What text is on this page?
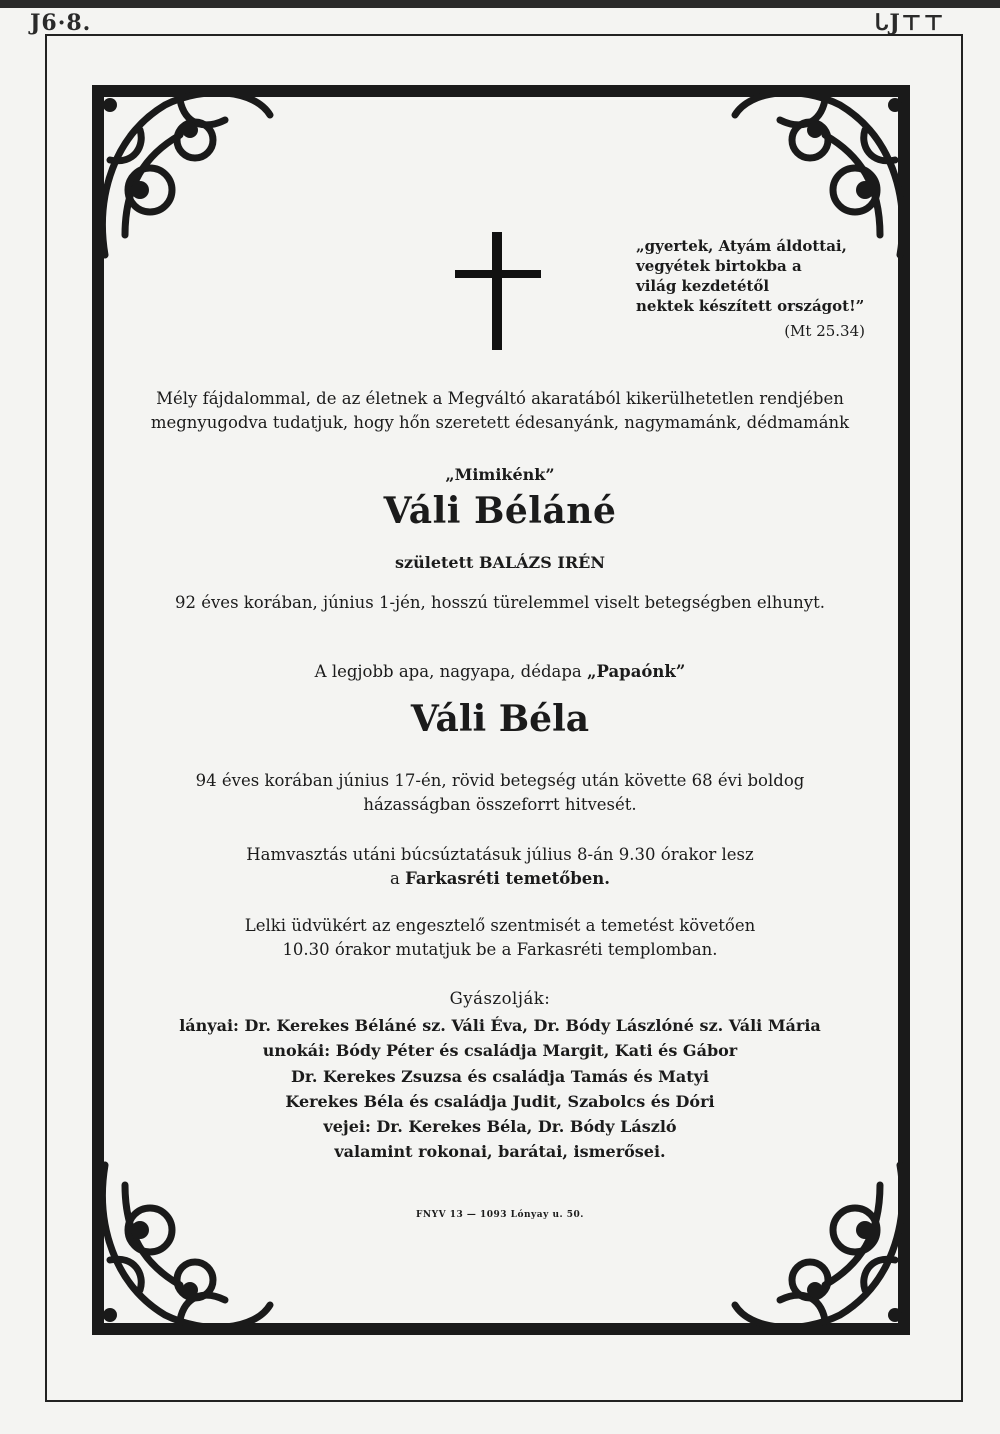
J6·8.	ᒐJ⊤⊤
„gyertek, Atyám áldottai,
vegyétek birtokba a
világ kezdetétől
nektek készített országot!”
(Mt 25.34)
Mély fájdalommal, de az életnek a Megváltó akaratából kikerülhetetlen rendjében
megnyugodva tudatjuk, hogy hőn szeretett édesanyánk, nagymamánk, dédmamánk
„Mimikénk”
Váli Béláné
született BALÁZS IRÉN
92 éves korában, június 1-jén, hosszú türelemmel viselt betegségben elhunyt.
A legjobb apa, nagyapa, dédapa „Papaónk”
Váli Béla
94 éves korában június 17-én, rövid betegség után követte 68 évi boldog
házasságban összeforrt hitvesét.
Hamvasztás utáni búcsúztatásuk július 8-án 9.30 órakor lesz
a Farkasréti temetőben.
Lelki üdvükért az engesztelő szentmisét a temetést követően
10.30 órakor mutatjuk be a Farkasréti templomban.
Gyászolják:
lányai: Dr. Kerekes Béláné sz. Váli Éva, Dr. Bódy Lászlóné sz. Váli Mária
unokái: Bódy Péter és családja Margit, Kati és Gábor
Dr. Kerekes Zsuzsa és családja Tamás és Matyi
Kerekes Béla és családja Judit, Szabolcs és Dóri
vejei: Dr. Kerekes Béla, Dr. Bódy László
valamint rokonai, barátai, ismerősei.
FNYV 13 — 1093 Lónyay u. 50.
